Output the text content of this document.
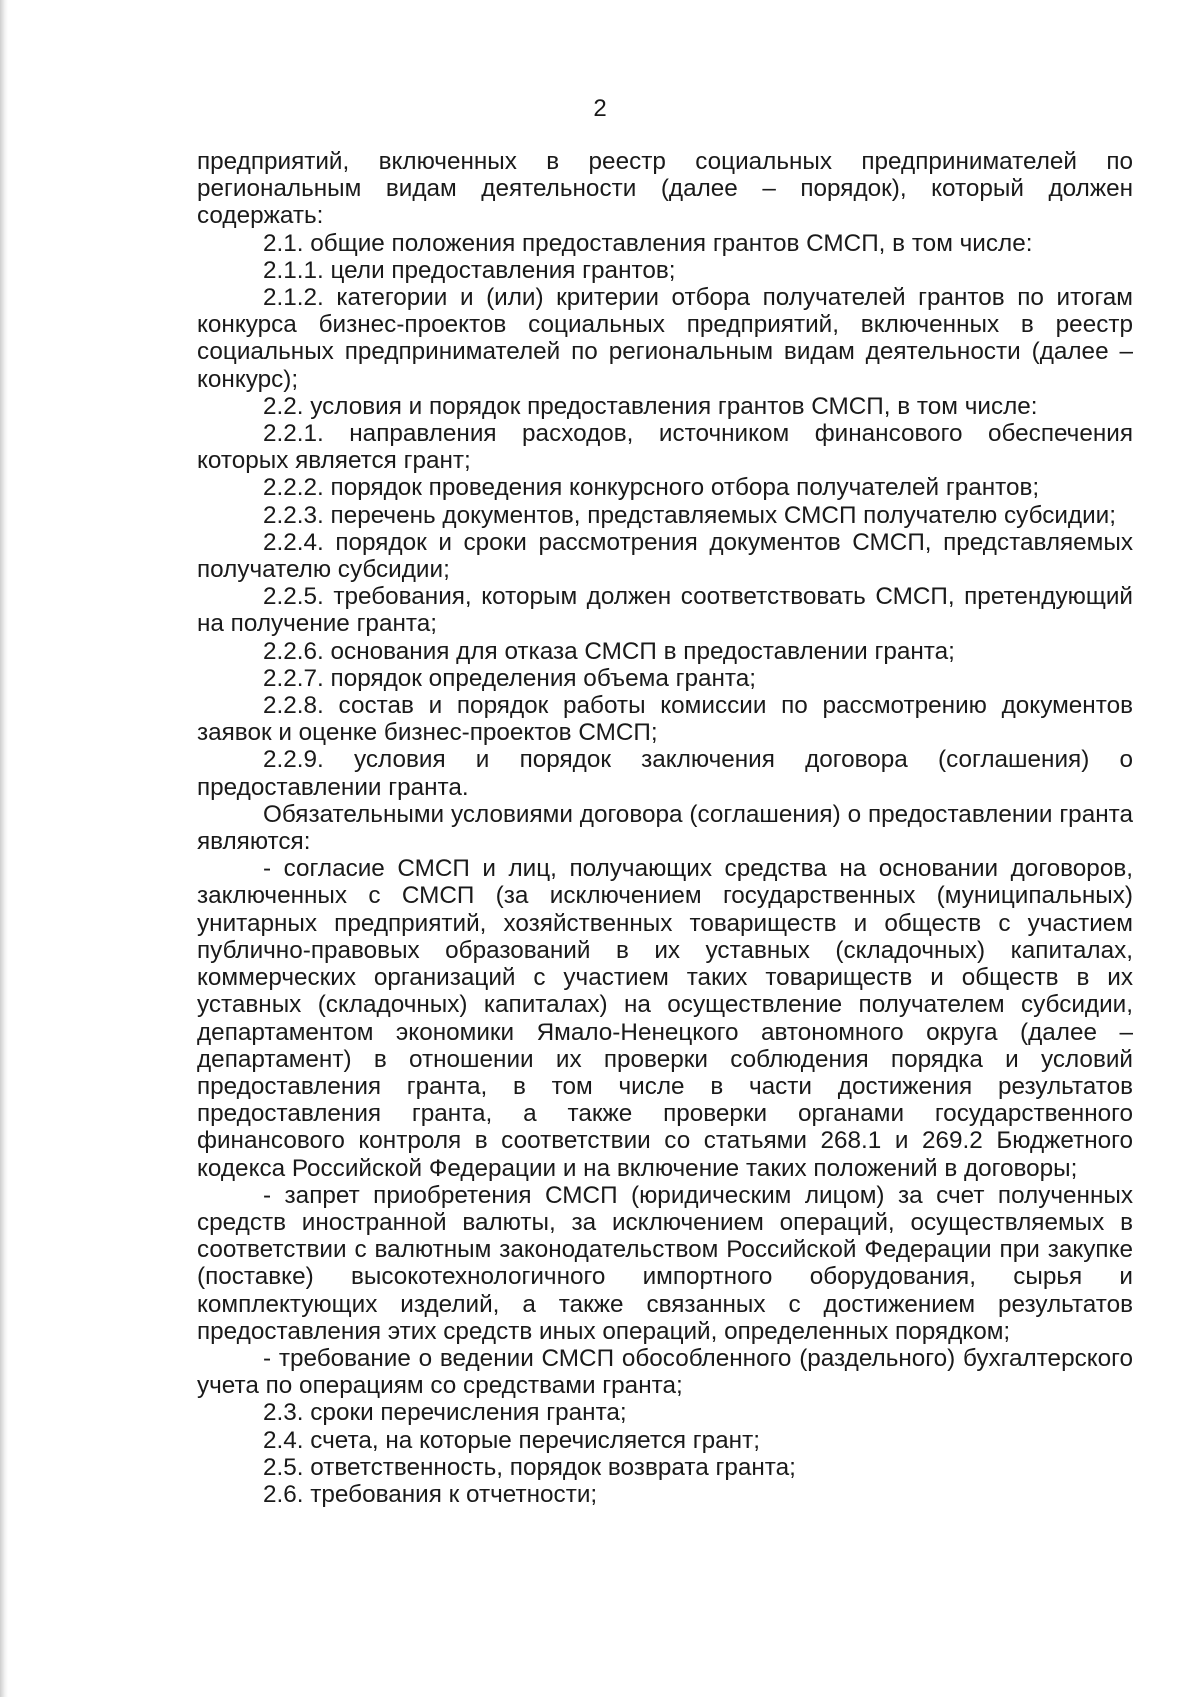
2

предприятий, включенных в реестр социальных предпринимателей по региональным видам деятельности (далее – порядок), который должен содержать:

2.1. общие положения предоставления грантов СМСП, в том числе:

2.1.1. цели предоставления грантов;

2.1.2. категории и (или) критерии отбора получателей грантов по итогам конкурса бизнес-проектов социальных предприятий, включенных в реестр социальных предпринимателей по региональным видам деятельности (далее – конкурс);

2.2. условия и порядок предоставления грантов СМСП, в том числе:

2.2.1. направления расходов, источником финансового обеспечения которых является грант;

2.2.2. порядок проведения конкурсного отбора получателей грантов;

2.2.3. перечень документов, представляемых СМСП получателю субсидии;

2.2.4. порядок и сроки рассмотрения документов СМСП, представляемых получателю субсидии;

2.2.5. требования, которым должен соответствовать СМСП, претендующий на получение гранта;

2.2.6. основания для отказа СМСП в предоставлении гранта;

2.2.7. порядок определения объема гранта;

2.2.8. состав и порядок работы комиссии по рассмотрению документов заявок и оценке бизнес-проектов СМСП;

2.2.9. условия и порядок заключения договора (соглашения) о предоставлении гранта.

Обязательными условиями договора (соглашения) о предоставлении гранта являются:

- согласие СМСП и лиц, получающих средства на основании договоров, заключенных с СМСП (за исключением государственных (муниципальных) унитарных предприятий, хозяйственных товариществ и обществ с участием публично-правовых образований в их уставных (складочных) капиталах, коммерческих организаций с участием таких товариществ и обществ в их уставных (складочных) капиталах) на осуществление получателем субсидии, департаментом экономики Ямало-Ненецкого автономного округа (далее – департамент) в отношении их проверки соблюдения порядка и условий предоставления гранта, в том числе в части достижения результатов предоставления гранта, а также проверки органами государственного финансового контроля в соответствии со статьями 268.1 и 269.2 Бюджетного кодекса Российской Федерации и на включение таких положений в договоры;

- запрет приобретения СМСП (юридическим лицом) за счет полученных средств иностранной валюты, за исключением операций, осуществляемых в соответствии с валютным законодательством Российской Федерации при закупке (поставке) высокотехнологичного импортного оборудования, сырья и комплектующих изделий, а также связанных с достижением результатов предоставления этих средств иных операций, определенных порядком;

- требование о ведении СМСП обособленного (раздельного) бухгалтерского учета по операциям со средствами гранта;

2.3. сроки перечисления гранта;

2.4. счета, на которые перечисляется грант;

2.5. ответственность, порядок возврата гранта;

2.6. требования к отчетности;
